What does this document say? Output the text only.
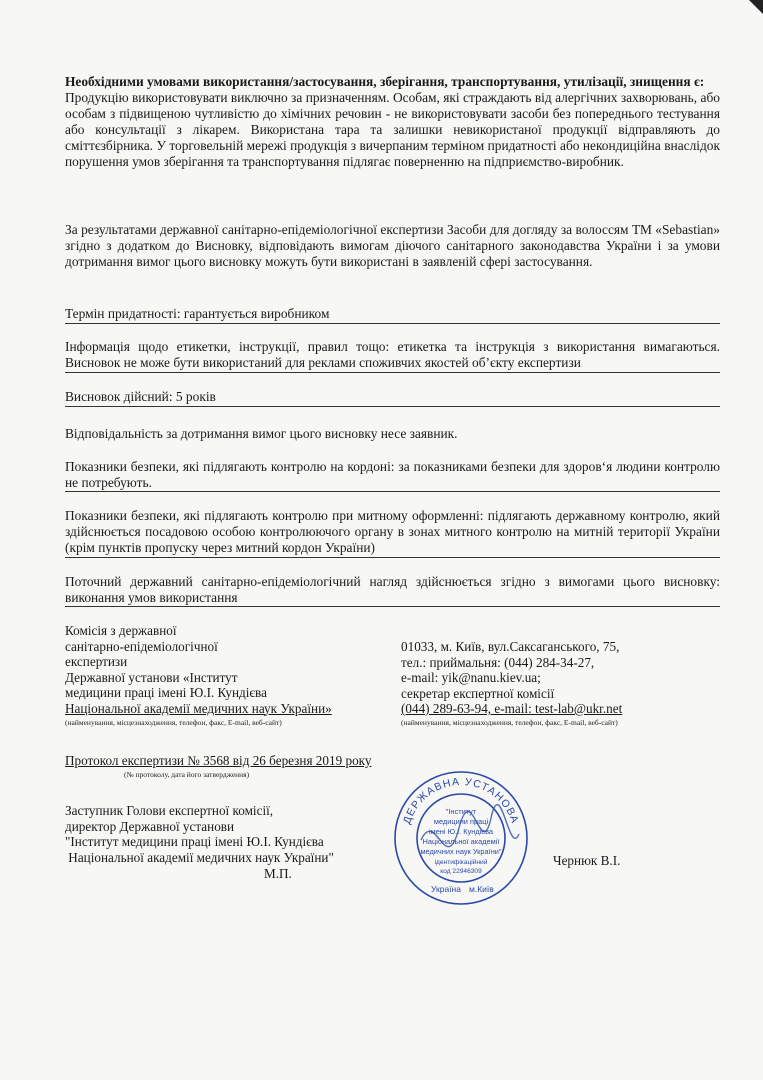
Необхідними умовами використання/застосування, зберігання, транспортування, утилізації, знищення є:
Продукцію використовувати виключно за призначенням. Особам, які страждають від алергічних захворювань, або особам з підвищеною чутливістю до хімічних речовин - не використовувати засоби без попереднього тестування або консультації з лікарем. Використана тара та залишки невикористаної продукції відправляють до сміттєзбірника. У торговельній мережі продукція з вичерпаним терміном придатності або некондиційна внаслідок порушення умов зберігання та транспортування підлягає поверненню на підприємство-виробник.
За результатами державної санітарно-епідеміологічної експертизи Засоби для догляду за волоссям ТМ «Sebastian» згідно з додатком до Висновку, відповідають вимогам діючого санітарного законодавства України і за умови дотримання вимог цього висновку можуть бути використані в заявленій сфері застосування.
Термін придатності: гарантується виробником
Інформація щодо етикетки, інструкції, правил тощо: етикетка та інструкція з використання вимагаються. Висновок не може бути використаний для реклами споживчих якостей об’єкту експертизи
Висновок дійсний: 5 років
Відповідальність за дотримання вимог цього висновку несе заявник.
Показники безпеки, які підлягають контролю на кордоні: за показниками безпеки для здоров‘я людини контролю не потребують.
Показники безпеки, які підлягають контролю при митному оформленні: підлягають державному контролю, який здійснюється посадовою особою контролюючого органу в зонах митного контролю на митній території України (крім пунктів пропуску через митний кордон України)
Поточний державний санітарно-епідеміологічний нагляд здійснюється згідно з вимогами цього висновку: виконання умов використання
Комісія з державної
санітарно-епідеміологічної
експертизи
Державної установи «Інститут
медицини праці імені Ю.І. Кундієва
Національної академії медичних наук України»
(найменування, місцезнаходження, телефон, факс, E-mail, веб-сайт)
01033, м. Київ, вул.Саксаганського, 75,
тел.: приймальня: (044) 284-34-27,
e-mail: yik@nanu.kiev.ua;
секретар експертної комісії
(044) 289-63-94, e-mail: test-lab@ukr.net
(найменування, місцезнаходження, телефон, факс, E-mail, веб-сайт)
Протокол експертизи № 3568 від 26 березня 2019 року
(№ протоколу, дата його затвердження)
Заступник Голови експертної комісії,
директор Державної установи
"Інститут медицини праці імені Ю.І. Кундієва
Національної академії медичних наук України"
М.П.
Чернюк В.І.
ДЕРЖАВНА УСТАНОВА
Україна м.Київ
"Інститут
медицини праці
імені Ю.І. Кундієва
Національної академії
медичних наук України"
ідентифікаційний
код 22946309
